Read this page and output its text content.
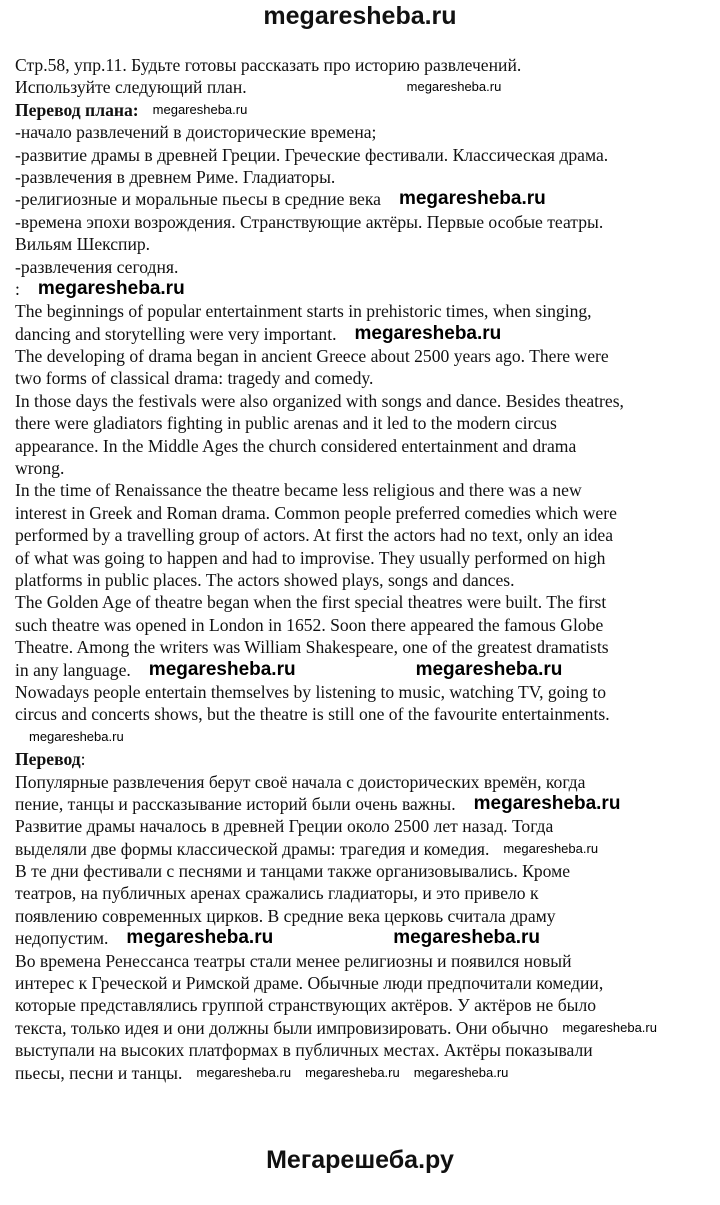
megaresheba.ru
Стр.58, упр.11. Будьте готовы рассказать про историю развлечений.
Используйте следующий план.	megaresheba.ru
Перевод плана: megaresheba.ru
-начало развлечений в доисторические времена;
-развитие драмы в древней Греции. Греческие фестивали. Классическая драма.
-развлечения в древнем Риме. Гладиаторы.
-религиозные и моральные пьесы в средние века megaresheba.ru
-времена эпохи возрождения. Странствующие актёры. Первые особые театры.
Вильям Шекспир.
-развлечения сегодня.
: megaresheba.ru
The beginnings of popular entertainment starts in prehistoric times, when singing,
dancing and storytelling were very important. megaresheba.ru
The developing of drama began in ancient Greece about 2500 years ago. There were
two forms of classical drama: tragedy and comedy.
In those days the festivals were also organized with songs and dance. Besides theatres,
there were gladiators fighting in public arenas and it led to the modern circus
appearance. In the Middle Ages the church considered entertainment and drama
wrong.
In the time of Renaissance the theatre became less religious and there was a new
interest in Greek and Roman drama. Common people preferred comedies which were
performed by a travelling group of actors. At first the actors had no text, only an idea
of what was going to happen and had to improvise. They usually performed on high
platforms in public places. The actors showed plays, songs and dances.
The Golden Age of theatre began when the first special theatres were built. The first
such theatre was opened in London in 1652. Soon there appeared the famous Globe
Theatre. Among the writers was William Shakespeare, one of the greatest dramatists
in any language. megaresheba.ru	megaresheba.ru
Nowadays people entertain themselves by listening to music, watching TV, going to
circus and concerts shows, but the theatre is still one of the favourite entertainments.
megaresheba.ru
Перевод:
Популярные развлечения берут своё начала с доисторических времён, когда
пение, танцы и рассказывание историй были очень важны. megaresheba.ru
Развитие драмы началось в древней Греции около 2500 лет назад. Тогда
выделяли две формы классической драмы: трагедия и комедия. megaresheba.ru
В те дни фестивали с песнями и танцами также организовывались. Кроме
театров, на публичных аренах сражались гладиаторы, и это привело к
появлению современных цирков. В средние века церковь считала драму
недопустим. megaresheba.ru	megaresheba.ru
Во времена Ренессанса театры стали менее религиозны и появился новый
интерес к Греческой и Римской драме. Обычные люди предпочитали комедии,
которые представлялись группой странствующих актёров. У актёров не было
текста, только идея и они должны были импровизировать. Они обычно megaresheba.ru
выступали на высоких платформах в публичных местах. Актёры показывали
пьесы, песни и танцы. megaresheba.ru megaresheba.ru megaresheba.ru
Мегарешеба.ру
